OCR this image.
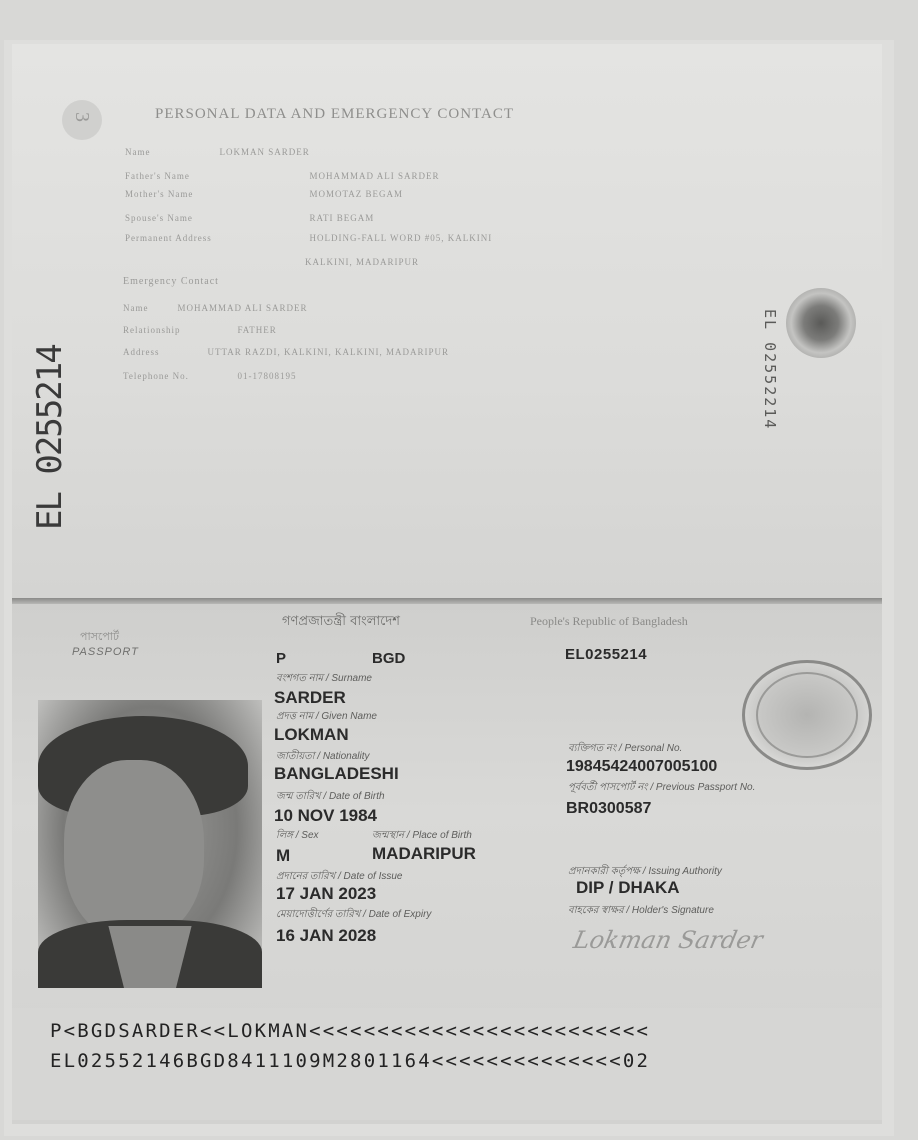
3	PERSONAL DATA AND EMERGENCY CONTACT
Name	LOKMAN SARDER
Father's Name	MOHAMMAD ALI SARDER
Mother's Name	MOMOTAZ BEGAM
Spouse's Name	RATI BEGAM
Permanent Address	HOLDING-FALL WORD #05, KALKINI
KALKINI, MADARIPUR
Emergency Contact
Name	MOHAMMAD ALI SARDER
Relationship	FATHER
Address	UTTAR RAZDI, KALKINI, KALKINI, MADARIPUR
Telephone No.	01-17808195
EL 0255214
গণপ্রজাতন্ত্রী বাংলাদেশ	People's Republic of Bangladesh
পাসপোর্ট
PASSPORT	P	BGD	EL0255214
বংশগত নাম / Surname
SARDER
প্রদত্ত নাম / Given Name
LOKMAN
জাতীয়তা / Nationality
BANGLADESHI
জন্ম তারিখ / Date of Birth
10 NOV 1984
লিঙ্গ / Sex	জন্মস্থান / Place of Birth
M	MADARIPUR
প্রদানের তারিখ / Date of Issue
17 JAN 2023
মেয়াদোত্তীর্ণের তারিখ / Date of Expiry
16 JAN 2028
ব্যক্তিগত নং / Personal No.
19845424007005100
পূর্ববর্তী পাসপোর্ট নং / Previous Passport No.
BR0300587
প্রদানকারী কর্তৃপক্ষ / Issuing Authority
DIP / DHAKA
বাহকের স্বাক্ষর / Holder's Signature
Lokman Sarder
P<BGDSARDER<<LOKMAN<<<<<<<<<<<<<<<<<<<<<<<<<
EL02552146BGD8411109M2801164<<<<<<<<<<<<<<02
